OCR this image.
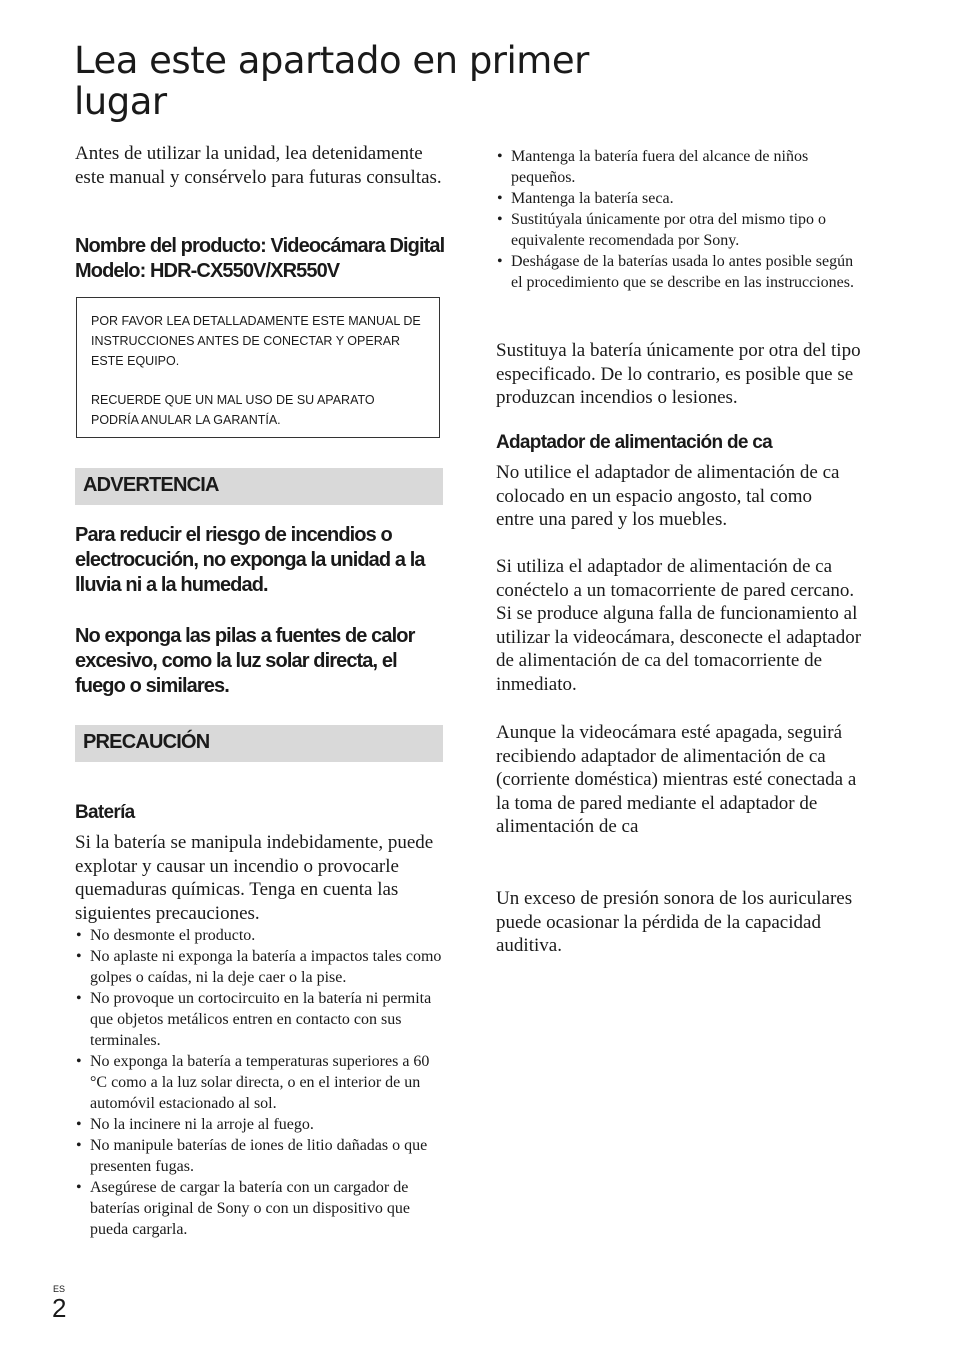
Lea este apartado en primer lugar

Antes de utilizar la unidad, lea detenidamente este manual y consérvelo para futuras consultas.

Nombre del producto: Videocámara Digital

Modelo: HDR-CX550V/XR550V

POR FAVOR LEA DETALLADAMENTE ESTE MANUAL DE INSTRUCCIONES ANTES DE CONECTAR Y OPERAR ESTE EQUIPO.

RECUERDE QUE UN MAL USO DE SU APARATO PODRÍA ANULAR LA GARANTÍA.

ADVERTENCIA

Para reducir el riesgo de incendios o electrocución, no exponga la unidad a la lluvia ni a la humedad.

No exponga las pilas a fuentes de calor excesivo, como la luz solar directa, el fuego o similares.

PRECAUCIÓN

Batería

Si la batería se manipula indebidamente, puede explotar y causar un incendio o provocarle quemaduras químicas. Tenga en cuenta las siguientes precauciones.

• No desmonte el producto.
• No aplaste ni exponga la batería a impactos tales como golpes o caídas, ni la deje caer o la pise.
• No provoque un cortocircuito en la batería ni permita que objetos metálicos entren en contacto con sus terminales.
• No exponga la batería a temperaturas superiores a 60 °C como a la luz solar directa, o en el interior de un automóvil estacionado al sol.
• No la incinere ni la arroje al fuego.
• No manipule baterías de iones de litio dañadas o que presenten fugas.
• Asegúrese de cargar la batería con un cargador de baterías original de Sony o con un dispositivo que pueda cargarla.
• Mantenga la batería fuera del alcance de niños pequeños.
• Mantenga la batería seca.
• Sustitúyala únicamente por otra del mismo tipo o equivalente recomendada por Sony.
• Deshágase de la baterías usada lo antes posible según el procedimiento que se describe en las instrucciones.

Sustituya la batería únicamente por otra del tipo especificado. De lo contrario, es posible que se produzcan incendios o lesiones.

Adaptador de alimentación de ca

No utilice el adaptador de alimentación de ca colocado en un espacio angosto, tal como entre una pared y los muebles.

Si utiliza el adaptador de alimentación de ca conéctelo a un tomacorriente de pared cercano. Si se produce alguna falla de funcionamiento al utilizar la videocámara, desconecte el adaptador de alimentación de ca del tomacorriente de inmediato.

Aunque la videocámara esté apagada, seguirá recibiendo adaptador de alimentación de ca (corriente doméstica) mientras esté conectada a la toma de pared mediante el adaptador de alimentación de ca

Un exceso de presión sonora de los auriculares puede ocasionar la pérdida de la capacidad auditiva.

ES
2
